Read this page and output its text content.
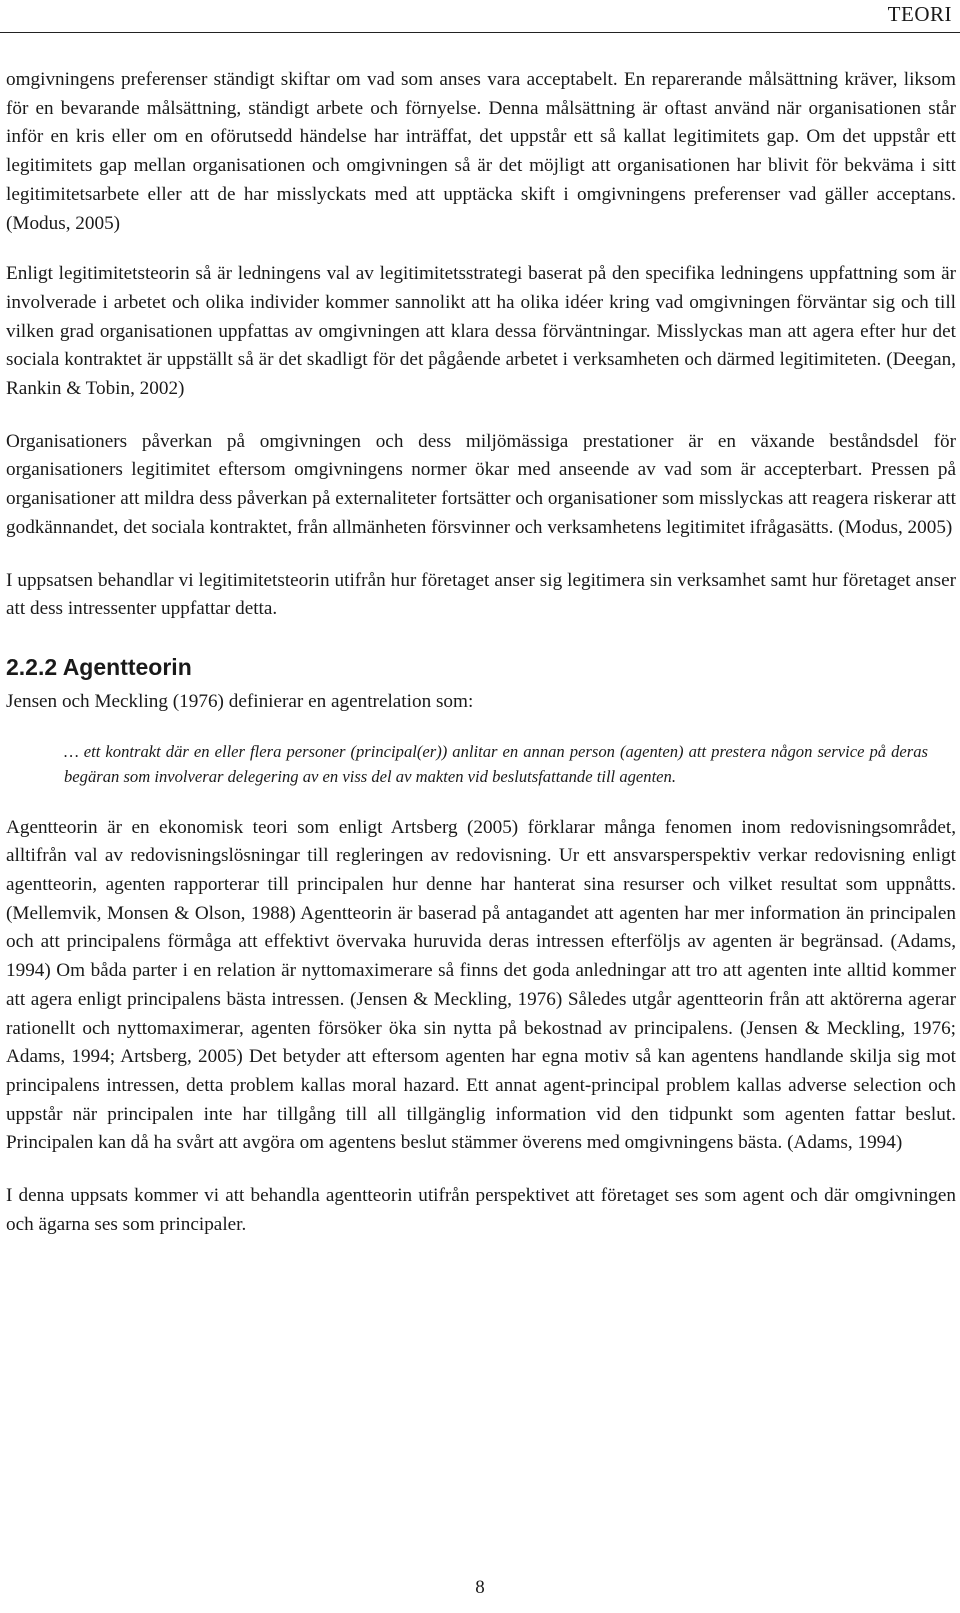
TEORI

omgivningens preferenser ständigt skiftar om vad som anses vara acceptabelt. En reparerande målsättning kräver, liksom för en bevarande målsättning, ständigt arbete och förnyelse. Denna målsättning är oftast använd när organisationen står inför en kris eller om en oförutsedd händelse har inträffat, det uppstår ett så kallat legitimitets gap. Om det uppstår ett legitimitets gap mellan organisationen och omgivningen så är det möjligt att organisationen har blivit för bekväma i sitt legitimitetsarbete eller att de har misslyckats med att upptäcka skift i omgivningens preferenser vad gäller acceptans. (Modus, 2005)

Enligt legitimitetsteorin så är ledningens val av legitimitetsstrategi baserat på den specifika ledningens uppfattning som är involverade i arbetet och olika individer kommer sannolikt att ha olika idéer kring vad omgivningen förväntar sig och till vilken grad organisationen uppfattas av omgivningen att klara dessa förväntningar. Misslyckas man att agera efter hur det sociala kontraktet är uppställt så är det skadligt för det pågående arbetet i verksamheten och därmed legitimiteten. (Deegan, Rankin & Tobin, 2002)

Organisationers påverkan på omgivningen och dess miljömässiga prestationer är en växande beståndsdel för organisationers legitimitet eftersom omgivningens normer ökar med anseende av vad som är accepterbart. Pressen på organisationer att mildra dess påverkan på externaliteter fortsätter och organisationer som misslyckas att reagera riskerar att godkännandet, det sociala kontraktet, från allmänheten försvinner och verksamhetens legitimitet ifrågasätts. (Modus, 2005)

I uppsatsen behandlar vi legitimitetsteorin utifrån hur företaget anser sig legitimera sin verksamhet samt hur företaget anser att dess intressenter uppfattar detta.

2.2.2 Agentteorin

Jensen och Meckling (1976) definierar en agentrelation som:

… ett kontrakt där en eller flera personer (principal(er)) anlitar en annan person (agenten) att prestera någon service på deras begäran som involverar delegering av en viss del av makten vid beslutsfattande till agenten.

Agentteorin är en ekonomisk teori som enligt Artsberg (2005) förklarar många fenomen inom redovisningsområdet, alltifrån val av redovisningslösningar till regleringen av redovisning. Ur ett ansvarsperspektiv verkar redovisning enligt agentteorin, agenten rapporterar till principalen hur denne har hanterat sina resurser och vilket resultat som uppnåtts. (Mellemvik, Monsen & Olson, 1988) Agentteorin är baserad på antagandet att agenten har mer information än principalen och att principalens förmåga att effektivt övervaka huruvida deras intressen efterföljs av agenten är begränsad. (Adams, 1994) Om båda parter i en relation är nyttomaximerare så finns det goda anledningar att tro att agenten inte alltid kommer att agera enligt principalens bästa intressen. (Jensen & Meckling, 1976) Således utgår agentteorin från att aktörerna agerar rationellt och nyttomaximerar, agenten försöker öka sin nytta på bekostnad av principalens. (Jensen & Meckling, 1976; Adams, 1994; Artsberg, 2005) Det betyder att eftersom agenten har egna motiv så kan agentens handlande skilja sig mot principalens intressen, detta problem kallas moral hazard. Ett annat agent-principal problem kallas adverse selection och uppstår när principalen inte har tillgång till all tillgänglig information vid den tidpunkt som agenten fattar beslut. Principalen kan då ha svårt att avgöra om agentens beslut stämmer överens med omgivningens bästa. (Adams, 1994)

I denna uppsats kommer vi att behandla agentteorin utifrån perspektivet att företaget ses som agent och där omgivningen och ägarna ses som principaler.

8
